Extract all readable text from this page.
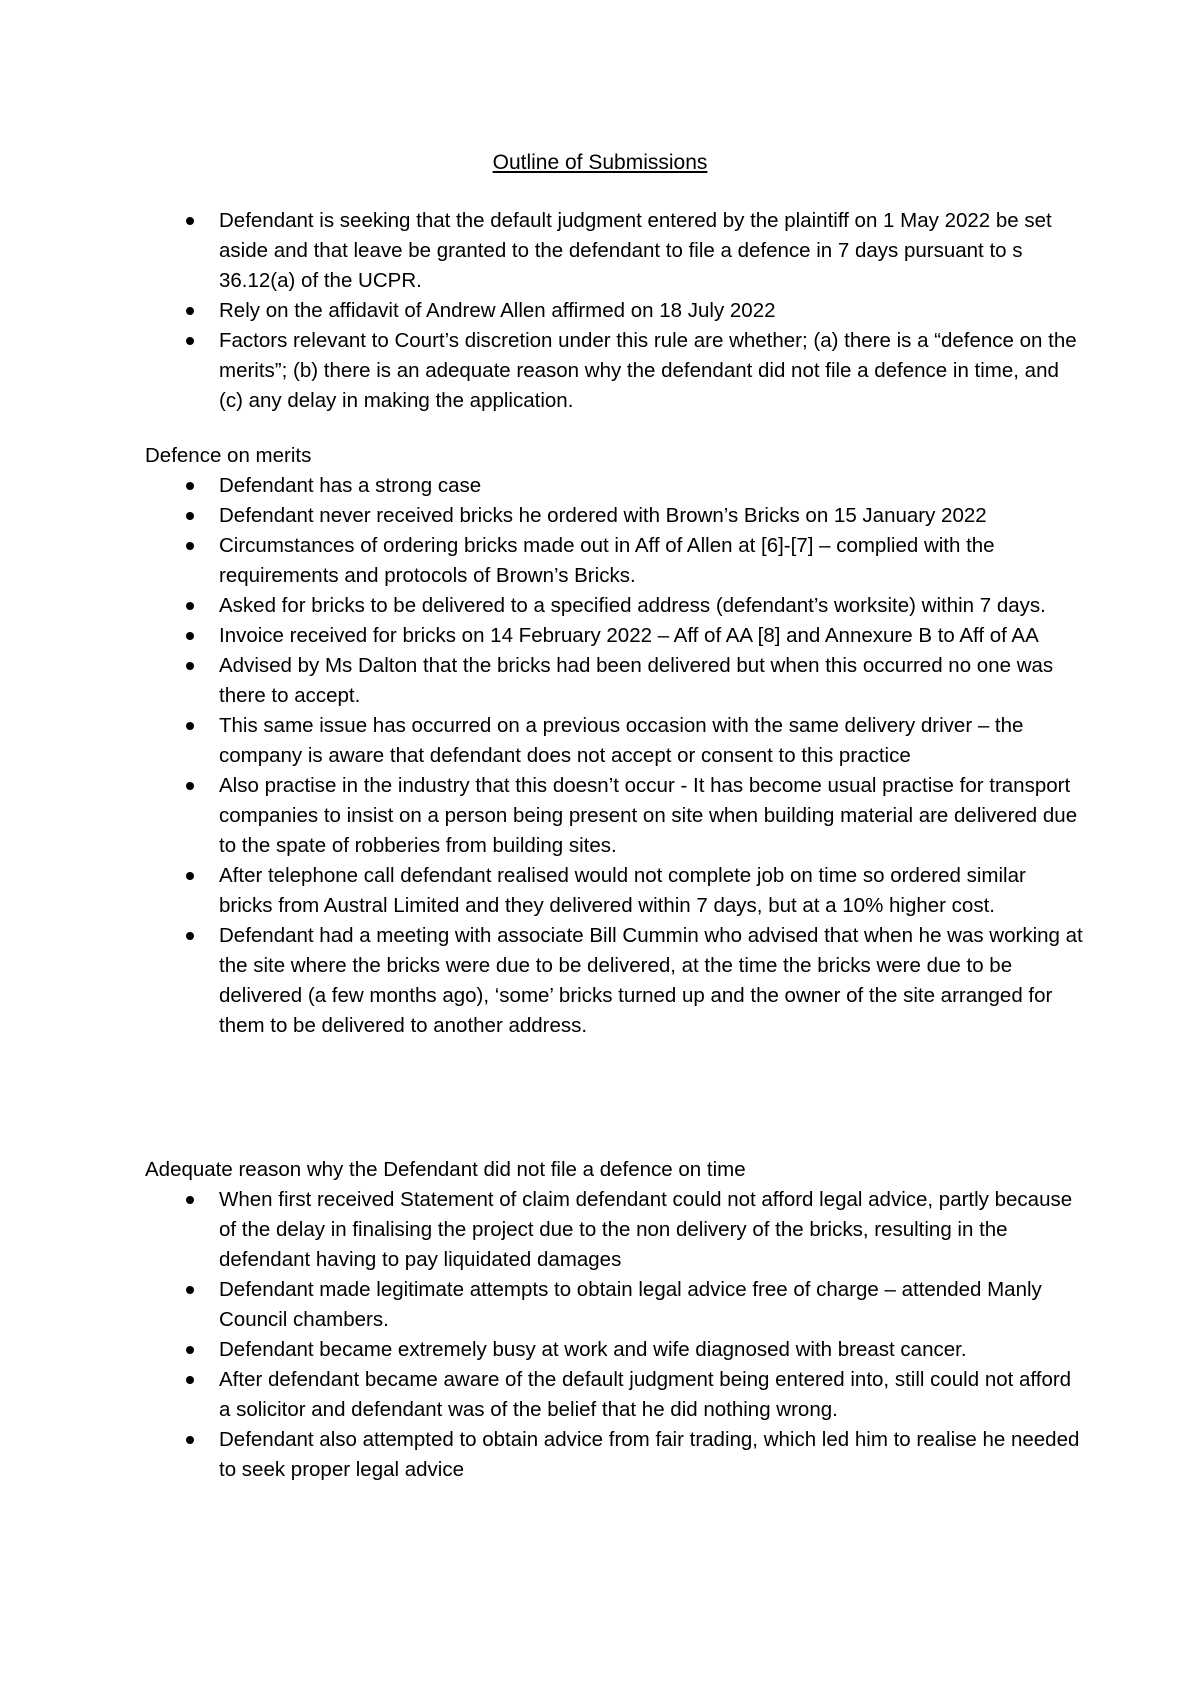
Outline of Submissions
Defendant is seeking that the default judgment entered by the plaintiff on 1 May 2022 be set aside and that leave be granted to the defendant to file a defence in 7 days pursuant to s 36.12(a) of the UCPR.
Rely on the affidavit of Andrew Allen affirmed on 18 July 2022
Factors relevant to Court’s discretion under this rule are whether; (a) there is a “defence on the merits”; (b) there is an adequate reason why the defendant did not file a defence in time, and (c) any delay in making the application.

Defence on merits

Defendant has a strong case
Defendant never received bricks he ordered with Brown’s Bricks on 15 January 2022
Circumstances of ordering bricks made out in Aff of Allen at [6]-[7] – complied with the requirements and protocols of Brown’s Bricks.
Asked for bricks to be delivered to a specified address (defendant’s worksite) within 7 days.
Invoice received for bricks on 14 February 2022 – Aff of AA [8] and Annexure B to Aff of AA
Advised by Ms Dalton that the bricks had been delivered but when this occurred no one was there to accept.
This same issue has occurred on a previous occasion with the same delivery driver – the company is aware that defendant does not accept or consent to this practice
Also practise in the industry that this doesn’t occur - It has become usual practise for transport companies to insist on a person being present on site when building material are delivered due to the spate of robberies from building sites.
After telephone call defendant realised would not complete job on time so ordered similar bricks from Austral Limited and they delivered within 7 days, but at a 10% higher cost.
Defendant had a meeting with associate Bill Cummin who advised that when he was working at the site where the bricks were due to be delivered, at the time the bricks were due to be delivered (a few months ago), ‘some’ bricks turned up and the owner of the site arranged for them to be delivered to another address.

Adequate reason why the Defendant did not file a defence on time

When first received Statement of claim defendant could not afford legal advice, partly because of the delay in finalising the project due to the non delivery of the bricks, resulting in the defendant having to pay liquidated damages
Defendant made legitimate attempts to obtain legal advice free of charge – attended Manly Council chambers.
Defendant became extremely busy at work and wife diagnosed with breast cancer.
After defendant became aware of the default judgment being entered into, still could not afford a solicitor and defendant was of the belief that he did nothing wrong.
Defendant also attempted to obtain advice from fair trading, which led him to realise he needed to seek proper legal advice
